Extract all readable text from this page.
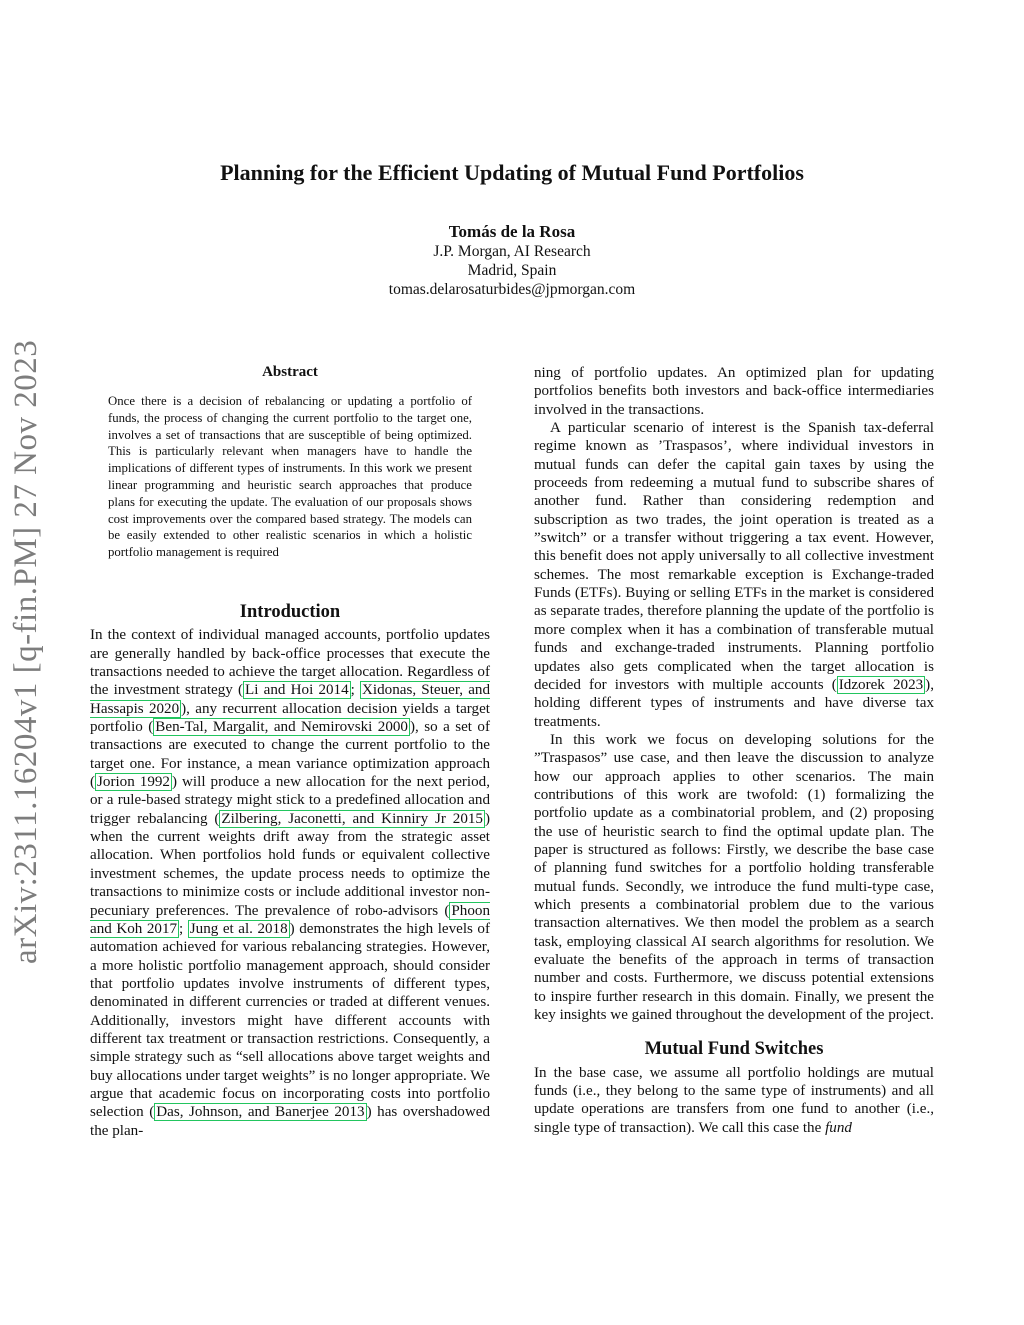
arXiv:2311.16204v1 [q-fin.PM] 27 Nov 2023
Planning for the Efficient Updating of Mutual Fund Portfolios
Tomás de la Rosa
J.P. Morgan, AI Research
Madrid, Spain
tomas.delarosaturbides@jpmorgan.com
Abstract
Once there is a decision of rebalancing or updating a portfolio of funds, the process of changing the current portfolio to the target one, involves a set of transactions that are susceptible of being optimized. This is particularly relevant when managers have to handle the implications of different types of instruments. In this work we present linear programming and heuristic search approaches that produce plans for executing the update. The evaluation of our proposals shows cost improvements over the compared based strategy. The models can be easily extended to other realistic scenarios in which a holistic portfolio management is required
Introduction

In the context of individual managed accounts, portfolio updates are generally handled by back-office processes that execute the transactions needed to achieve the target allocation. Regardless of the investment strategy ( Li and Hoi 2014 ; Xidonas, Steuer, and Hassapis 2020 ), any recurrent allocation decision yields a target portfolio ( Ben-Tal, Margalit, and Nemirovski 2000 ), so a set of transactions are executed to change the current portfolio to the target one. For instance, a mean variance optimization approach ( Jorion 1992 ) will produce a new allocation for the next period, or a rule-based strategy might stick to a predefined allocation and trigger rebalancing ( Zilbering, Jaconetti, and Kinniry Jr 2015 ) when the current weights drift away from the strategic asset allocation. When portfolios hold funds or equivalent collective investment schemes, the update process needs to optimize the transactions to minimize costs or include additional investor non-pecuniary preferences. The prevalence of robo-advisors ( Phoon and Koh 2017 ; Jung et al. 2018 ) demonstrates the high levels of automation achieved for various rebalancing strategies. However, a more holistic portfolio management approach, should consider that portfolio updates involve instruments of different types, denominated in different currencies or traded at different venues. Additionally, investors might have different accounts with different tax treatment or transaction restrictions. Consequently, a simple strategy such as “sell allocations above target weights and buy allocations under target weights” is no longer appropriate. We argue that academic focus on incorporating costs into portfolio selection ( Das, Johnson, and Banerjee 2013 ) has overshadowed the plan-

ning of portfolio updates. An optimized plan for updating portfolios benefits both investors and back-office intermediaries involved in the transactions.

A particular scenario of interest is the Spanish tax-deferral regime known as ’Traspasos’, where individual investors in mutual funds can defer the capital gain taxes by using the proceeds from redeeming a mutual fund to subscribe shares of another fund. Rather than considering redemption and subscription as two trades, the joint operation is treated as a ”switch” or a transfer without triggering a tax event. However, this benefit does not apply universally to all collective investment schemes. The most remarkable exception is Exchange-traded Funds (ETFs). Buying or selling ETFs in the market is considered as separate trades, therefore planning the update of the portfolio is more complex when it has a combination of transferable mutual funds and exchange-traded instruments. Planning portfolio updates also gets complicated when the target allocation is decided for investors with multiple accounts ( Idzorek 2023 ), holding different types of instruments and have diverse tax treatments.

In this work we focus on developing solutions for the ”Traspasos” use case, and then leave the discussion to analyze how our approach applies to other scenarios. The main contributions of this work are twofold: (1) formalizing the portfolio update as a combinatorial problem, and (2) proposing the use of heuristic search to find the optimal update plan. The paper is structured as follows: Firstly, we describe the base case of planning fund switches for a portfolio holding transferable mutual funds. Secondly, we introduce the fund multi-type case, which presents a combinatorial problem due to the various transaction alternatives. We then model the problem as a search task, employing classical AI search algorithms for resolution. We evaluate the benefits of the approach in terms of transaction number and costs. Furthermore, we discuss potential extensions to inspire further research in this domain. Finally, we present the key insights we gained throughout the development of the project.

Mutual Fund Switches

In the base case, we assume all portfolio holdings are mutual funds (i.e., they belong to the same type of instruments) and all update operations are transfers from one fund to another (i.e., single type of transaction). We call this case the fund
